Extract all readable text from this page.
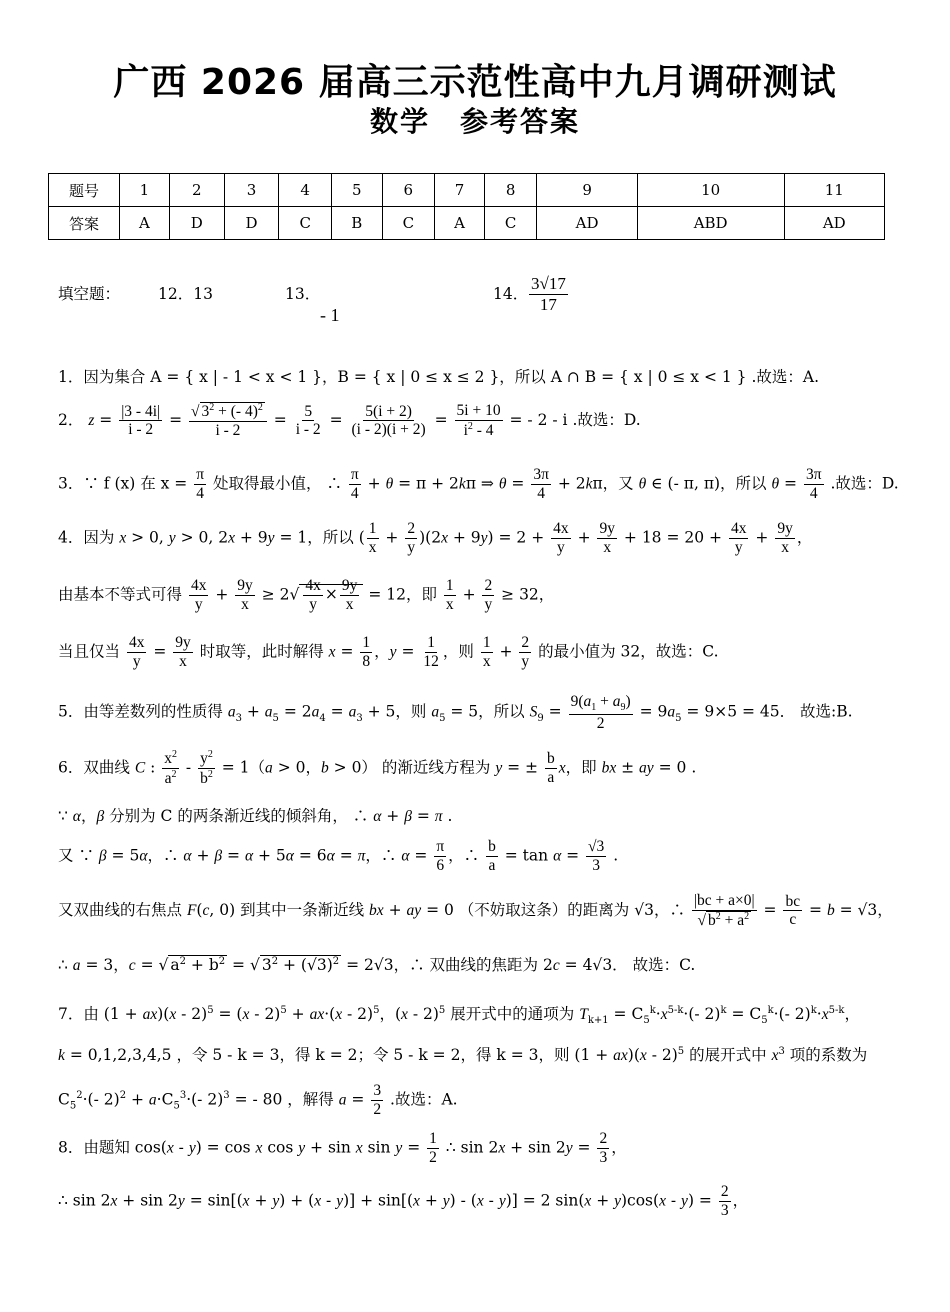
广西 2026 届高三示范性高中九月调研测试
数学　参考答案
题号	1	2	3	4	5	6	7	8	9	10	11
答案	A	D	D	C	B	C	A	C	AD	ABD	AD
填空题： 12．13	13．
- 1
14． $\frac{3√17}{17}$
1．因为集合 A = { x | - 1 < x < 1 }，B = { x | 0 ≤ x ≤ 2 }，所以 A ∩ B = { x | 0 ≤ x < 1 } .故选：A.
2． $z = \frac{|3 - 4i|}{i - 2} = \frac{√ 3^2 + (- 4)^2}{i - 2} = \frac{5}{i - 2} = \frac{5(i + 2)}{(i - 2)(i + 2)} = \frac{5i + 10}{i^2 - 4}$ = - 2 - i .故选：D.
3．∵ f (x) 在 $x = \frac{\pi}{4}$ 处取得最小值， ∴ $\frac{\pi}{4} + \theta = \pi + 2k\pi$ ⇒ $\theta = \frac{3\pi}{4} + 2k\pi$，又 θ ∈ (- π, π)，所以 $\theta = \frac{3\pi}{4}$ .故选：D.
4．因为 x > 0, y > 0, 2x + 9y = 1，所以 ( $\frac{1}{x} + \frac{2}{y} )(2x + 9y) = 2 + \frac{4x}{y} + \frac{9y}{x} + 18 = 20 + \frac{4x}{y} + \frac{9y}{x}$ ，
由基本不等式可得 $\frac{4x}{y} + \frac{9y}{x} \ge 2√ \frac{4x}{y} \times \frac{9y}{x} = 12$，即 $\frac{1}{x} + \frac{2}{y} \ge 32$，
当且仅当 $\frac{4x}{y} = \frac{9y}{x}$ 时取等，此时解得 $x = \frac{1}{8}$ ，$y = \frac{1}{12}$ ，则 $\frac{1}{x} + \frac{2}{y}$ 的最小值为 32，故选：C.
5．由等差数列的性质得 $a_3 + a_5 = 2a_4 = a_3 + 5$，则 $a_5 = 5$，所以 $S_9 = \frac{9(a_1 + a_9)}{2} = 9a_5 = 9\times 5 = 45$． 故选:B.
6．双曲线 C : $\frac{x^2}{a^2} - \frac{y^2}{b^2} = 1(a > 0$，b > 0） 的渐近线方程为 y = ± $\frac{b}{a}$ x，即 bx ± ay = 0 .
∵ α，β 分别为 C 的两条渐近线的倾斜角， ∴ α + β = π .
又 ∵ β = 5α，∴ α + β = α + 5α = 6α = π，∴ $\alpha = \frac{\pi}{6}$ ，∴ $\frac{b}{a} = \tan \alpha = \frac{√3}{3}$ .
又双曲线的右焦点 F(c, 0) 到其中一条渐近线 bx + ay = 0 （不妨取这条）的距离为 √3，∴ $\frac{|bc + a\times 0|}{√ b^2 + a^2} = \frac{bc}{c} = b = √3$，
∴ a = 3，c = √ $a^2 + b^2$ = √ $3^2 + (√3)^2 = 2√3$，∴ 双曲线的焦距为 2c = 4√3． 故选：C.
7．由 (1 + ax)(x - 2)$^5$ = (x - 2)$^5$ + ax·(x - 2)$^5$，(x - 2)$^5$ 展开式中的通项为 $T_{k+1} = C_5^k\cdot x^{5-k}\cdot(-$ $2)^k = C_5^k\cdot(-$ $2)^k\cdot x^{5-k}$，
k = 0,1,2,3,4,5 ，令 5 - k = 3，得 k = 2；令 5 - k = 2，得 k = 3，则 (1 + ax)(x - 2)$^5$ 的展开式中 $x^3$ 项的系数为
$C_5^2\cdot(-$ $2)^2 + a\cdot C_5^3\cdot(-$ 2)$^3$ = - 80 ，解得 $a = \frac{3}{2}$ .故选：A.
8．由题知 cos(x - y) = cos x cos y + sin x $\sin y = \frac{1}{2}$ ∴ $\sin 2x + \sin 2y = \frac{2}{3}$ ，
∴ sin 2x + sin 2y = sin[(x + y) + (x - y)] + sin[(x + y) - (x - y)] = 2 $\sin(x + y)\cos(x - y) = \frac{2}{3}$ ，
